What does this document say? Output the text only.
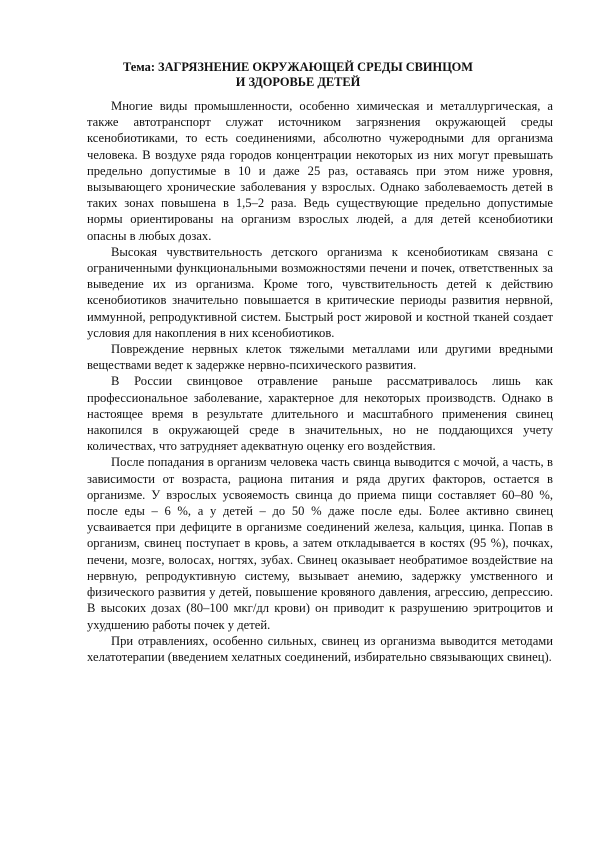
Тема: ЗАГРЯЗНЕНИЕ ОКРУЖАЮЩЕЙ СРЕДЫ СВИНЦОМ
И ЗДОРОВЬЕ ДЕТЕЙ

Многие виды промышленности, особенно химическая и металлургическая, а также автотранспорт служат источником загрязнения окружающей среды ксенобиотиками, то есть соединениями, абсолютно чужеродными для организма человека. В воздухе ряда городов концентрации некоторых из них могут превышать предельно допустимые в 10 и даже 25 раз, оставаясь при этом ниже уровня, вызывающего хронические заболевания у взрослых. Однако заболеваемость детей в таких зонах повышена в 1,5–2 раза. Ведь существующие предельно допустимые нормы ориентированы на организм взрослых людей, а для детей ксенобиотики опасны в любых дозах.

Высокая чувствительность детского организма к ксенобиотикам связана с ограниченными функциональными возможностями печени и почек, ответственных за выведение их из организма. Кроме того, чувствительность детей к действию ксенобиотиков значительно повышается в критические периоды развития нервной, иммунной, репродуктивной систем. Быстрый рост жировой и костной тканей создает условия для накопления в них ксенобиотиков.

Повреждение нервных клеток тяжелыми металлами или другими вредными веществами ведет к задержке нервно-психического развития.

В России свинцовое отравление раньше рассматривалось лишь как профессиональное заболевание, характерное для некоторых производств. Однако в настоящее время в результате длительного и масштабного применения свинец накопился в окружающей среде в значительных, но не поддающихся учету количествах, что затрудняет адекватную оценку его воздействия.

После попадания в организм человека часть свинца выводится с мочой, а часть, в зависимости от возраста, рациона питания и ряда других факторов, остается в организме. У взрослых усвояемость свинца до приема пищи составляет 60–80 %, после еды – 6 %, а у детей – до 50 % даже после еды. Более активно свинец усваивается при дефиците в организме соединений железа, кальция, цинка. Попав в организм, свинец поступает в кровь, а затем откладывается в костях (95 %), почках, печени, мозге, волосах, ногтях, зубах. Свинец оказывает необратимое воздействие на нервную, репродуктивную систему, вызывает анемию, задержку умственного и физического развития у детей, повышение кровяного давления, агрессию, депрессию. В высоких дозах (80–100 мкг/дл крови) он приводит к разрушению эритроцитов и ухудшению работы почек у детей.

При отравлениях, особенно сильных, свинец из организма выводится методами хелатотерапии (введением хелатных соединений, избирательно связывающих свинец).
